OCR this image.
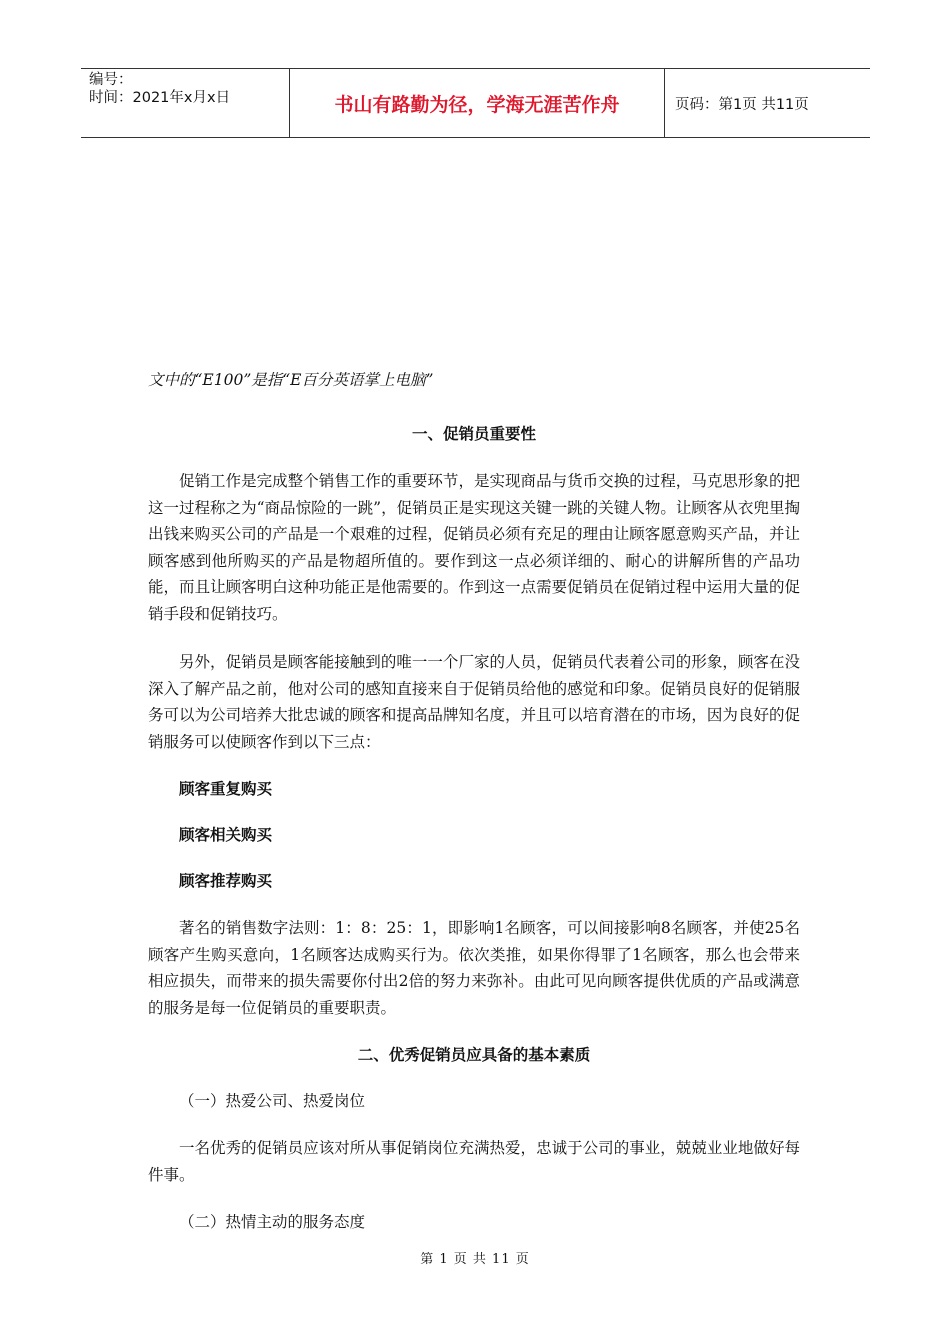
编号：
时间：2021年x月x日	书山有路勤为径，学海无涯苦作舟	页码：第1页 共11页

文中的“E100”是指“E百分英语掌上电脑”

一、促销员重要性

促销工作是完成整个销售工作的重要环节，是实现商品与货币交换的过程，马克思形象的把这一过程称之为“商品惊险的一跳”，促销员正是实现这关键一跳的关键人物。让顾客从衣兜里掏出钱来购买公司的产品是一个艰难的过程，促销员必须有充足的理由让顾客愿意购买产品，并让顾客感到他所购买的产品是物超所值的。要作到这一点必须详细的、耐心的讲解所售的产品功能，而且让顾客明白这种功能正是他需要的。作到这一点需要促销员在促销过程中运用大量的促销手段和促销技巧。

另外，促销员是顾客能接触到的唯一一个厂家的人员，促销员代表着公司的形象，顾客在没深入了解产品之前，他对公司的感知直接来自于促销员给他的感觉和印象。促销员良好的促销服务可以为公司培养大批忠诚的顾客和提高品牌知名度，并且可以培育潜在的市场，因为良好的促销服务可以使顾客作到以下三点：

顾客重复购买

顾客相关购买

顾客推荐购买

著名的销售数字法则：1：8：25：1，即影响1名顾客，可以间接影响8名顾客，并使25名顾客产生购买意向，1名顾客达成购买行为。依次类推，如果你得罪了1名顾客，那么也会带来相应损失，而带来的损失需要你付出2倍的努力来弥补。由此可见向顾客提供优质的产品或满意的服务是每一位促销员的重要职责。

二、优秀促销员应具备的基本素质

（一）热爱公司、热爱岗位

一名优秀的促销员应该对所从事促销岗位充满热爱，忠诚于公司的事业，兢兢业业地做好每件事。

（二）热情主动的服务态度

第 1 页 共 11 页
